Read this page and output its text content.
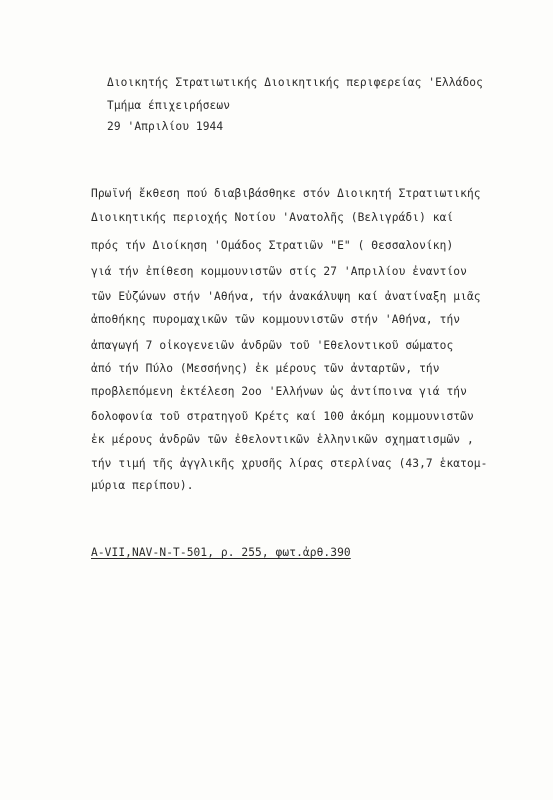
Διοικητής Στρατιωτικής Διοικητικής περιφερείας 'Ελλάδος
Τμήμα έπιχειρήσεων
29 'Απριλίου 1944
Πρωϊνή ἔκθεση πού διαβιβάσθηκε στόν Διοικητή Στρατιωτικής
Διοικητικής περιοχής Νοτίου 'Ανατολῆς (Βελιγράδι) καί
πρός τήν Διοίκηση 'Ομάδος Στρατιῶν "Ε" ( Θεσσαλονίκη)
γιά τήν ἐπίθεση κομμουνιστῶν στίς 27 'Απριλίου ἐναντίον
τῶν Εὐζώνων στήν 'Αθήνα, τήν ἀνακάλυψη καί ἀνατίναξη μιᾶς
ἀποθήκης πυρομαχικῶν τῶν κομμουνιστῶν στήν 'Αθήνα, τήν
ἀπαγωγή 7 οἰκογενειῶν ἀνδρῶν τοῦ 'Εθελοντικοῦ σώματος
ἀπό τήν Πύλο (Μεσσήνης) ἐκ μέρους τῶν ἀνταρτῶν, τήν
προβλεπόμενη ἐκτέλεση 2οο 'Ελλήνων ὡς ἀντίποινα γιά τήν
δολοφονία τοῦ στρατηγοῦ Κρέτς καί 100 ἀκόμη κομμουνιστῶν
ἐκ μέρους ἀνδρῶν τῶν ἐθελοντικῶν ἑλληνικῶν σχηματισμῶν ,
τήν τιμή τῆς ἀγγλικῆς χρυσῆς λίρας στερλίνας (43,7 ἑκατομ-
μύρια περίπου).
A-VII,NAV-N-T-501, ρ. 255, φωτ.ἀρθ.390
